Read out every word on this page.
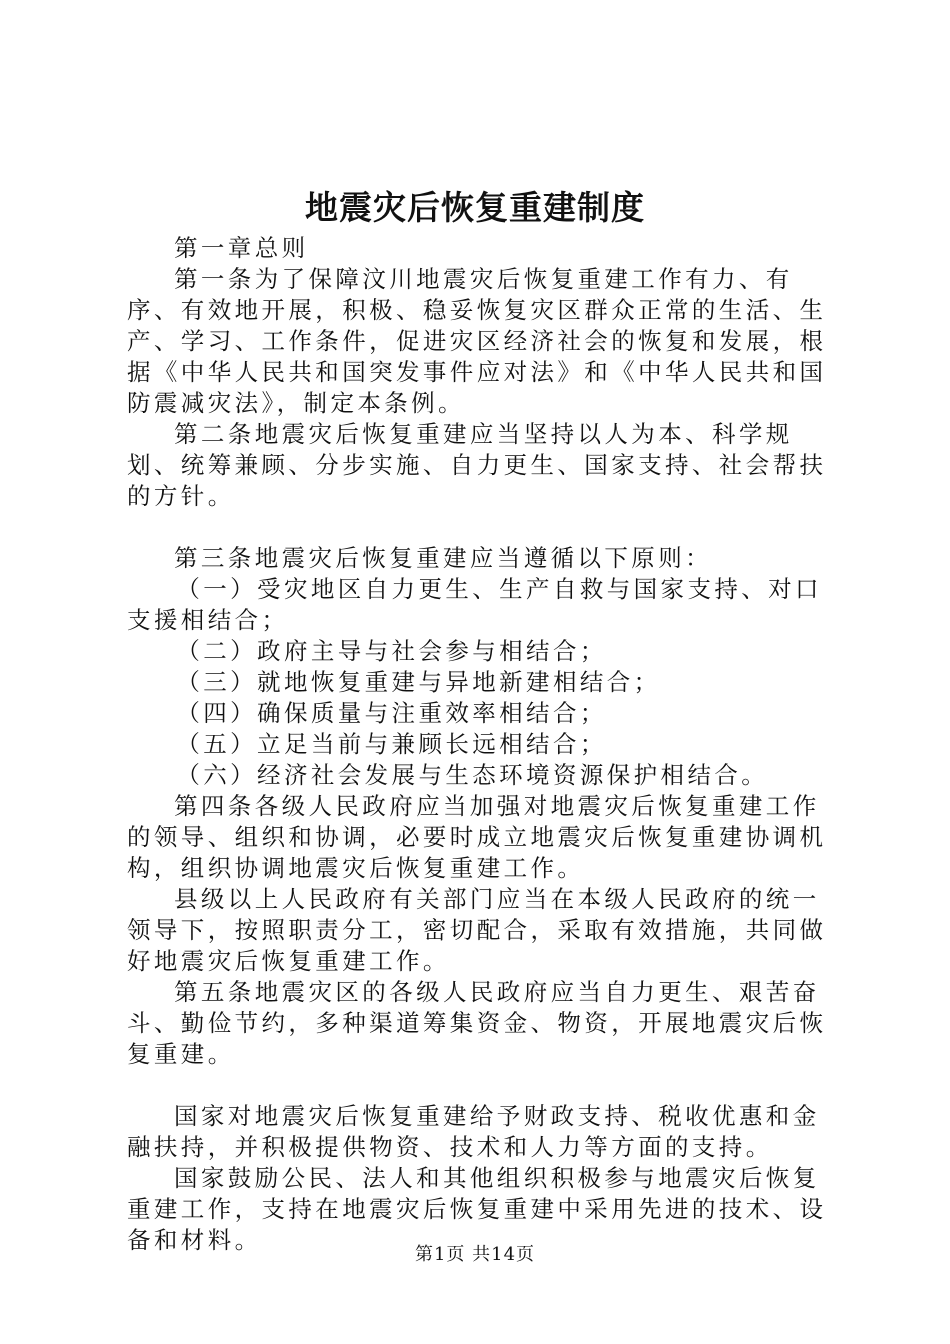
地震灾后恢复重建制度

第一章总则

第一条为了保障汶川地震灾后恢复重建工作有力、有序、有效地开展，积极、稳妥恢复灾区群众正常的生活、生产、学习、工作条件，促进灾区经济社会的恢复和发展，根据《中华人民共和国突发事件应对法》和《中华人民共和国防震减灾法》，制定本条例。

第二条地震灾后恢复重建应当坚持以人为本、科学规划、统筹兼顾、分步实施、自力更生、国家支持、社会帮扶的方针。

第三条地震灾后恢复重建应当遵循以下原则：

（一）受灾地区自力更生、生产自救与国家支持、对口支援相结合；

（二）政府主导与社会参与相结合；

（三）就地恢复重建与异地新建相结合；

（四）确保质量与注重效率相结合；

（五）立足当前与兼顾长远相结合；

（六）经济社会发展与生态环境资源保护相结合。

第四条各级人民政府应当加强对地震灾后恢复重建工作的领导、组织和协调，必要时成立地震灾后恢复重建协调机构，组织协调地震灾后恢复重建工作。

县级以上人民政府有关部门应当在本级人民政府的统一领导下，按照职责分工，密切配合，采取有效措施，共同做好地震灾后恢复重建工作。

第五条地震灾区的各级人民政府应当自力更生、艰苦奋斗、勤俭节约，多种渠道筹集资金、物资，开展地震灾后恢复重建。

国家对地震灾后恢复重建给予财政支持、税收优惠和金融扶持，并积极提供物资、技术和人力等方面的支持。

国家鼓励公民、法人和其他组织积极参与地震灾后恢复重建工作，支持在地震灾后恢复重建中采用先进的技术、设备和材料。

第1页 共14页
